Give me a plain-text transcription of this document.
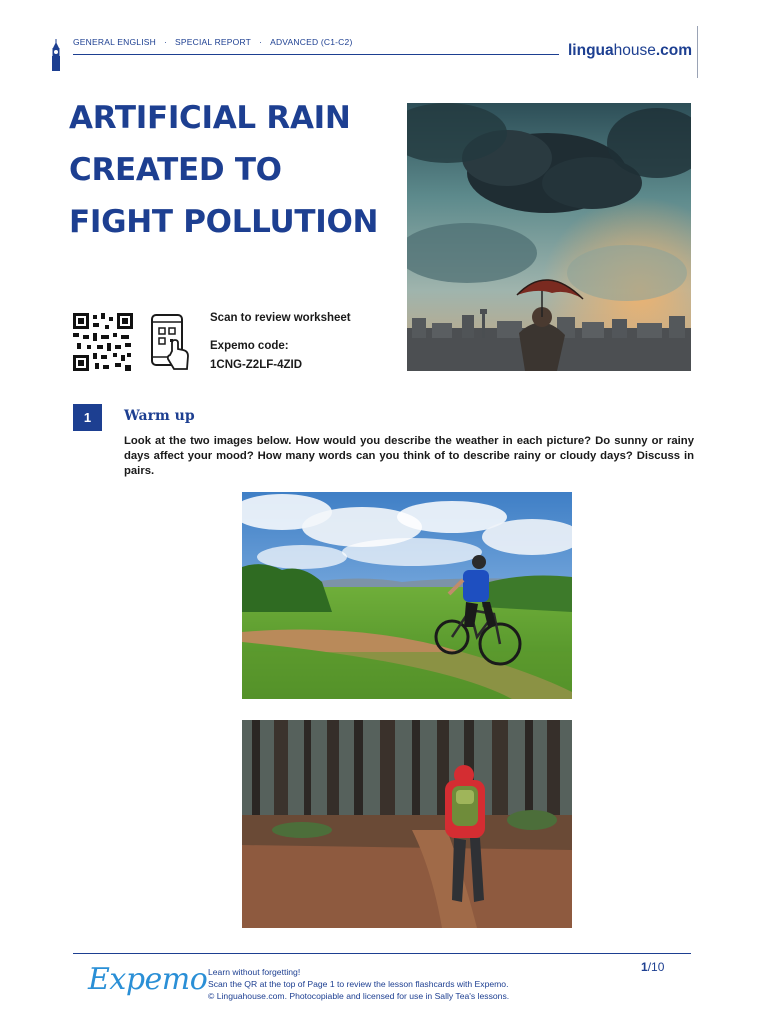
GENERAL ENGLISH · SPECIAL REPORT · ADVANCED (C1-C2)	linguahouse.com
ARTIFICIAL RAIN
CREATED TO
FIGHT POLLUTION
Scan to review worksheet
Expemo code:
1CNG-Z2LF-4ZID
1	Warm up

Look at the two images below. How would you describe the weather in each picture? Do sunny or rainy days affect your mood? How many words can you think of to describe rainy or cloudy days? Discuss in pairs.

Expemo Learn without forgetting!
Scan the QR at the top of Page 1 to review the lesson flashcards with Expemo.
© Linguahouse.com. Photocopiable and licensed for use in Sally Tea's lessons.
1/10
